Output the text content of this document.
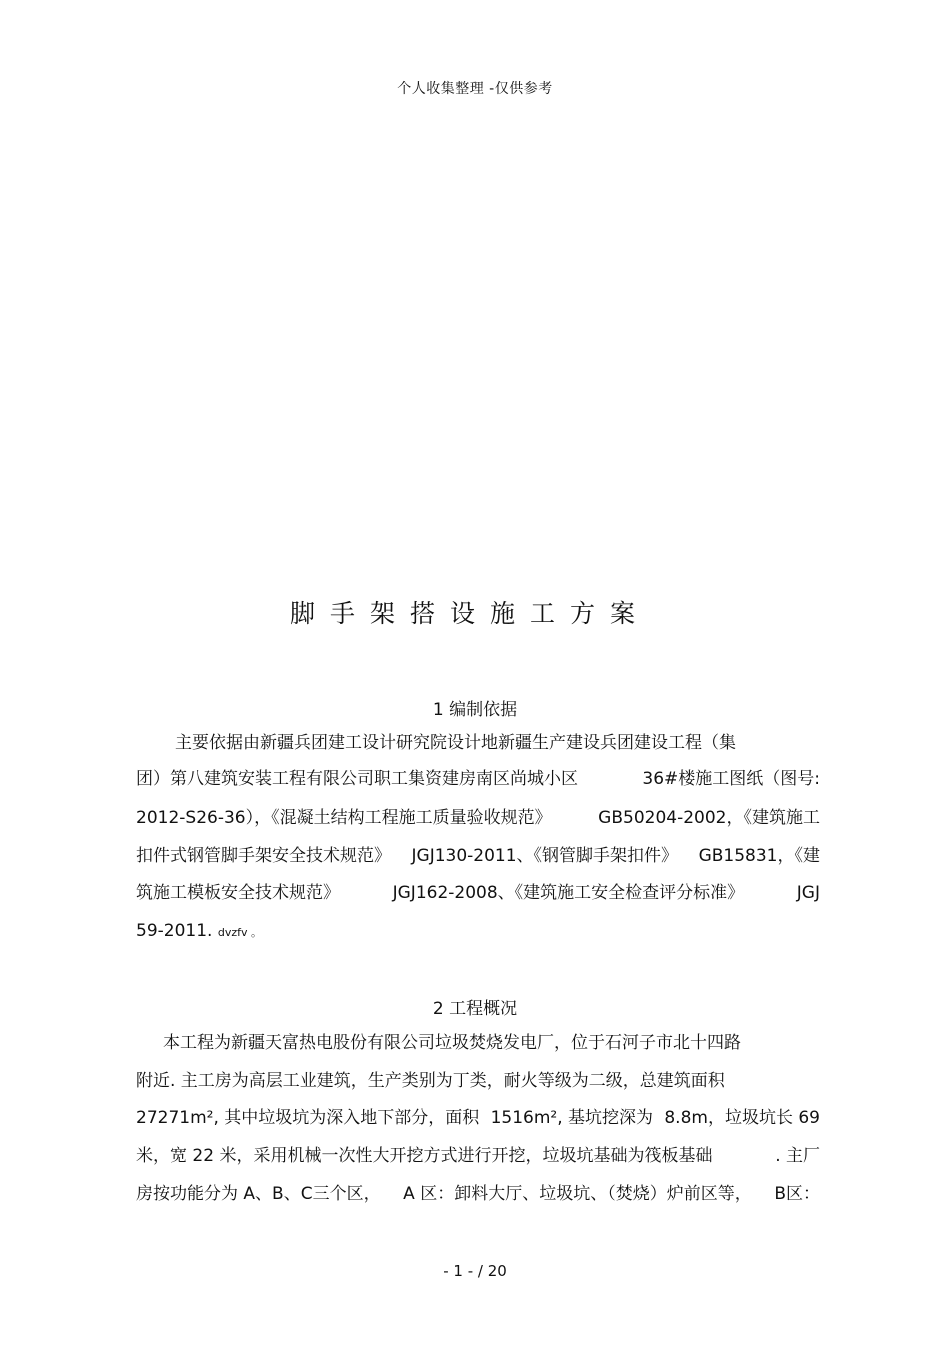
个人收集整理 -仅供参考
脚手架搭设施工方案
1 编制依据
主要依据由新疆兵团建工设计研究院设计地新疆生产建设兵团建设工程（集
团）第八建筑安装工程有限公司职工集资建房南区尚城小区	36#楼施工图纸（图号:
2012-S26-36），《混凝土结构工程施工质量验收规范》	GB50204-2002，《建筑施工
扣件式钢管脚手架安全技术规范》 JGJ130-2011、《钢管脚手架扣件》 GB15831，《建
筑施工模板安全技术规范》	JGJ162-2008、《建筑施工安全检查评分标准》	JGJ
59-2011. dvzfv 。
2 工程概况
本工程为新疆天富热电股份有限公司垃圾焚烧发电厂，位于石河子市北十四路
附近. 主工房为高层工业建筑，生产类别为丁类，耐火等级为二级，总建筑面积
27271m², 其中垃圾坑为深入地下部分，面积 1516m², 基坑挖深为 8.8m，垃圾坑长 69
米，宽 22 米，采用机械一次性大开挖方式进行开挖，垃圾坑基础为筏板基础	. 主厂
房按功能分为 A、B、C三个区， A 区：卸料大厅、垃圾坑、（焚烧）炉前区等， B区：
- 1 - / 20
